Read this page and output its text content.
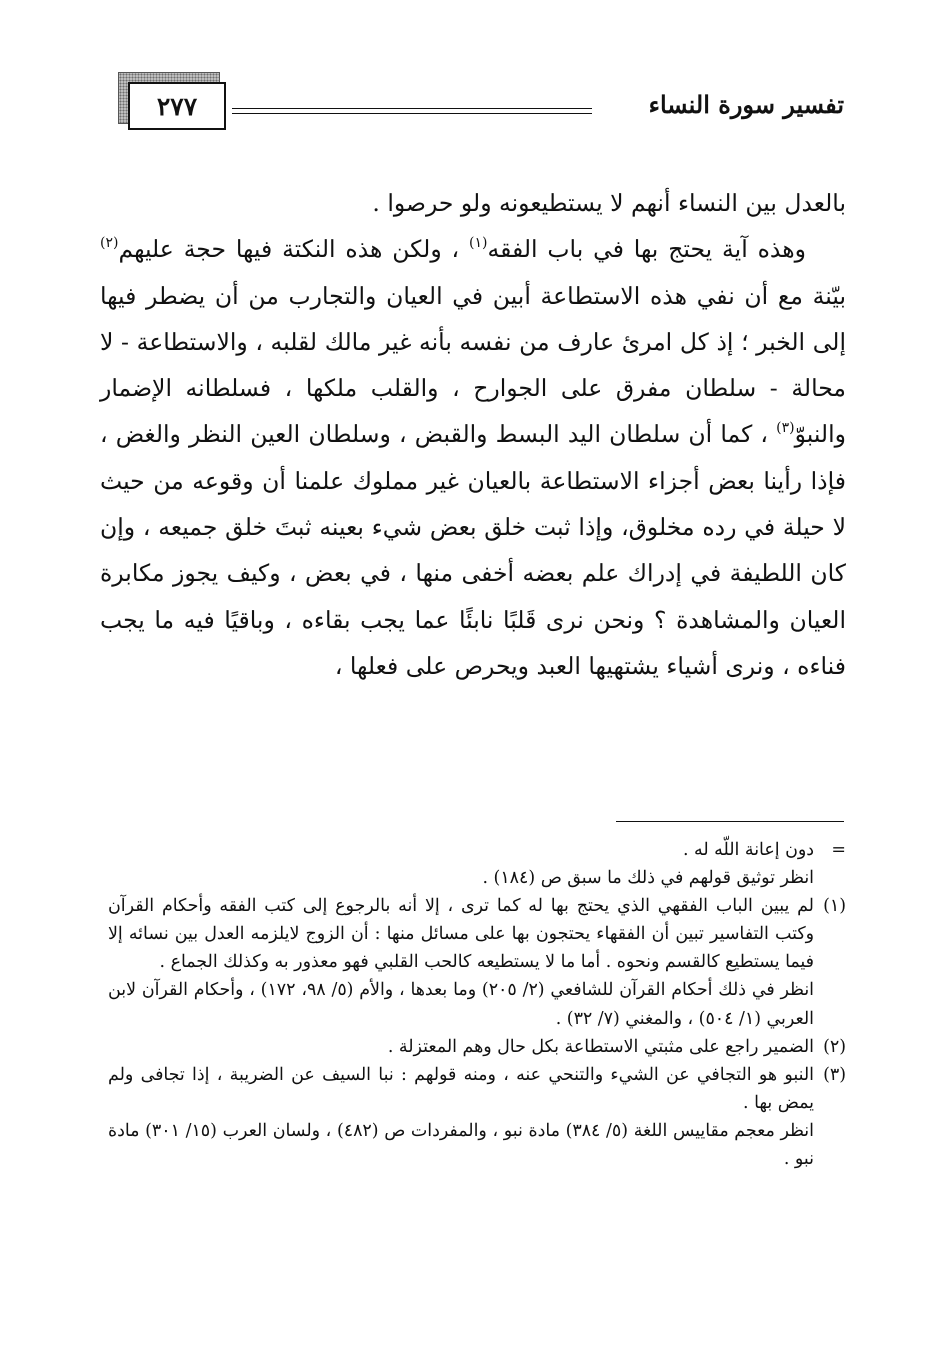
٢٧٧	تفسير سورة النساء

بالعدل بين النساء أنهم لا يستطيعونه ولو حرصوا .

وهذه آية يحتج بها في باب الفقه$^{(١)}$ ، ولكن هذه النكتة فيها حجة عليهم$^{(٢)}$ بيّنة مع أن نفي هذه الاستطاعة أبين في العيان والتجارب من أن يضطر فيها إلى الخبر ؛ إذ كل امرئ عارف من نفسه بأنه غير مالك لقلبه ، والاستطاعة - لا محالة - سلطان مفرق على الجوارح ، والقلب ملكها ، فسلطانه الإضمار والنبوّ$^{(٣)}$ ، كما أن سلطان اليد البسط والقبض ، وسلطان العين النظر والغض ، فإذا رأينا بعض أجزاء الاستطاعة بالعيان غير مملوك علمنا أن وقوعه من حيث لا حيلة في رده مخلوق، وإذا ثبت خلق بعض شيء بعينه ثبتَ خلق جميعه ، وإن كان اللطيفة في إدراك علم بعضه أخفى منها ، في بعض ، وكيف يجوز مكابرة العيان والمشاهدة ؟ ونحن نرى قَلبًا نابئًا عما يجب بقاءه ، وباقيًا فيه ما يجب فناءه ، ونرى أشياء يشتهيها العبد ويحرص على فعلها ،

=دون إعانة اللّه له .

انظر توثيق قولهم في ذلك ما سبق ص (١٨٤) .

(١)لم يبين الباب الفقهي الذي يحتج بها له كما ترى ، إلا أنه بالرجوع إلى كتب الفقه وأحكام القرآن وكتب التفاسير تبين أن الفقهاء يحتجون بها على مسائل منها : أن الزوج لايلزمه العدل بين نسائه إلا فيما يستطيع كالقسم ونحوه . أما ما لا يستطيعه كالحب القلبي فهو معذور به وكذلك الجماع .

انظر في ذلك أحكام القرآن للشافعي (٢/ ٢٠٥) وما بعدها ، والأم (٥/ ٩٨، ١٧٢) ، وأحكام القرآن لابن العربي (١/ ٥٠٤) ، والمغني (٧/ ٣٢) .

(٢)الضمير راجع على مثبتي الاستطاعة بكل حال وهم المعتزلة .

(٣)النبو هو التجافي عن الشيء والتنحي عنه ، ومنه قولهم : نبا السيف عن الضريبة ، إذا تجافى ولم يمض بها .

انظر معجم مقاييس اللغة (٥/ ٣٨٤) مادة نبو ، والمفردات ص (٤٨٢) ، ولسان العرب (١٥/ ٣٠١) مادة نبو .
